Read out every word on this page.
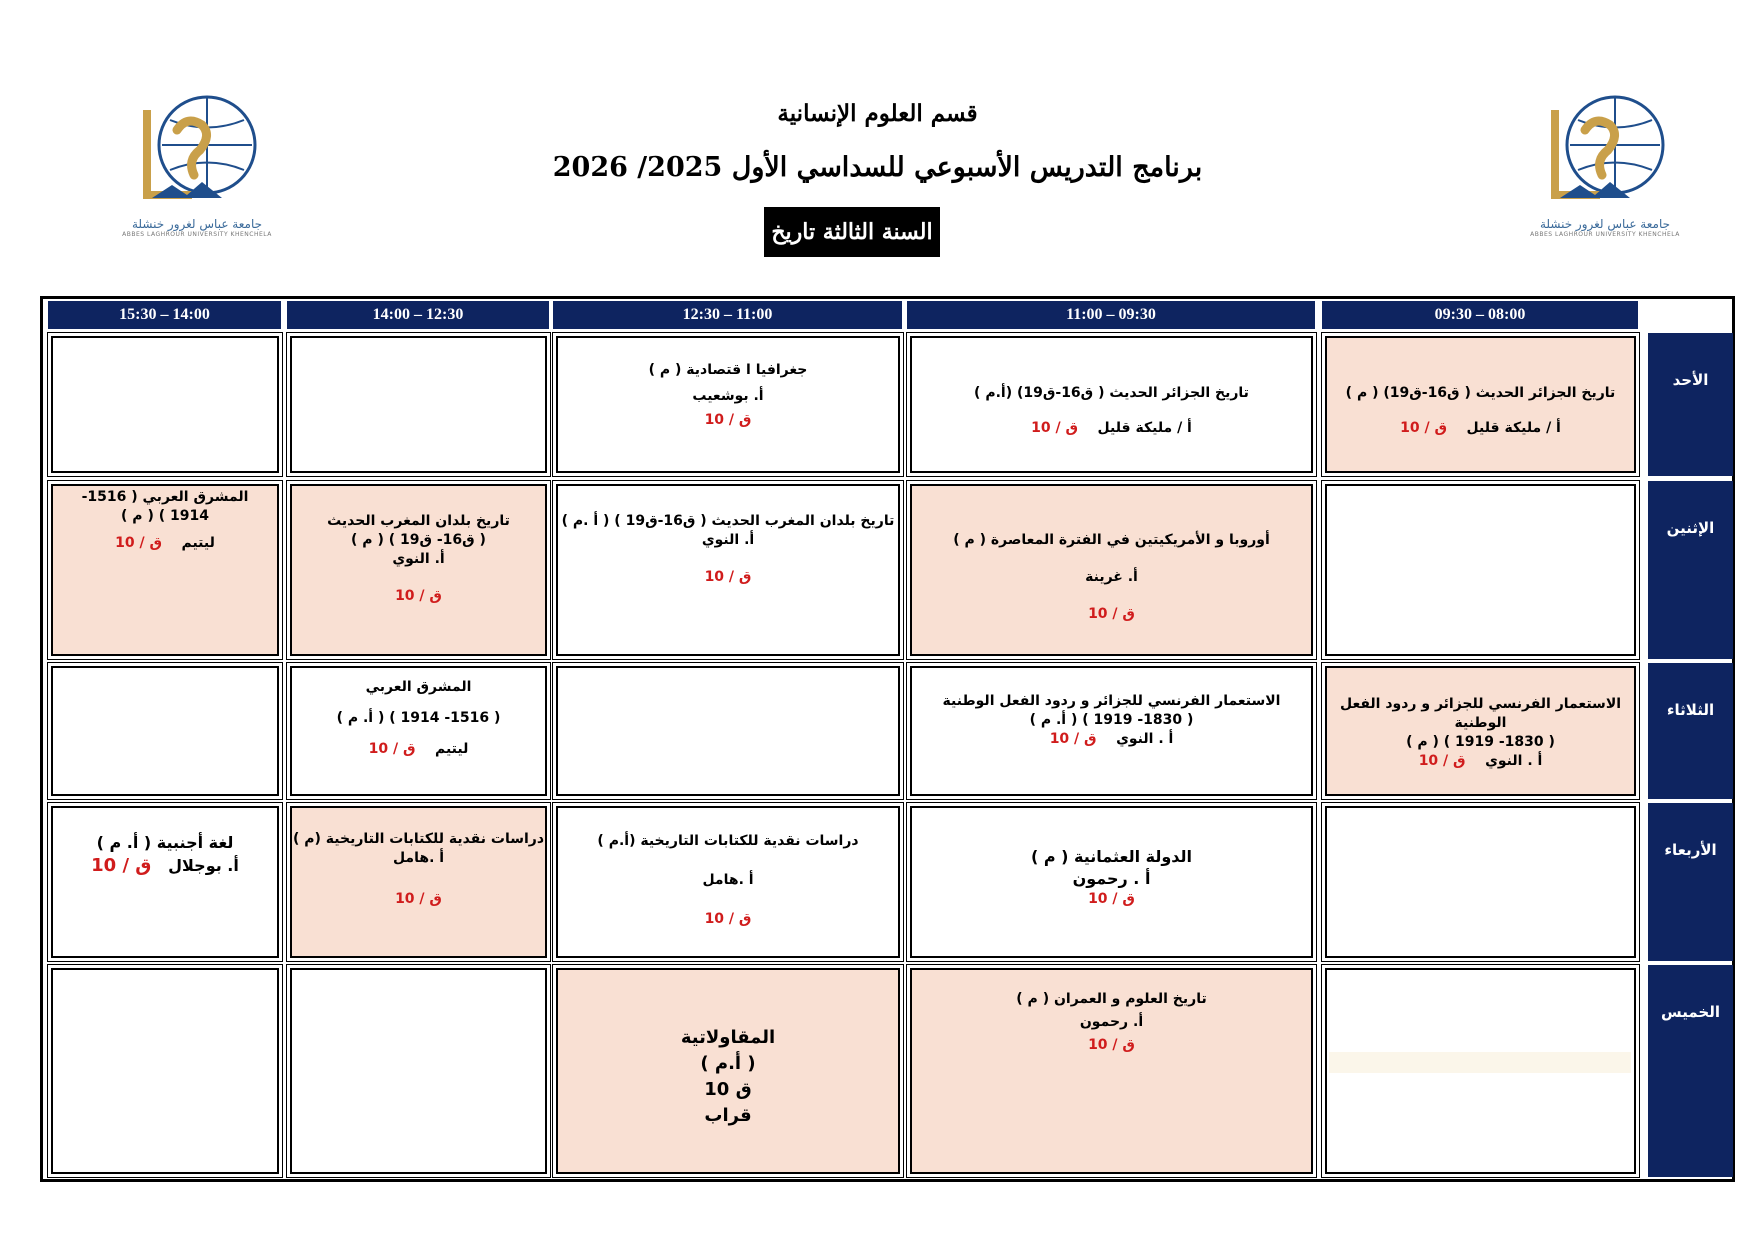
جامعة عباس لغرور خنشلة
ABBES LAGHROUR UNIVERSITY KHENCHELA
جامعة عباس لغرور خنشلة
ABBES LAGHROUR UNIVERSITY KHENCHELA
قسم العلوم الإنسانية
برنامج التدريس الأسبوعي للسداسي الأول 2025/ 2026
السنة الثالثة تاريخ
09:30 – 08:00
11:00 – 09:30
12:30 – 11:00
14:00 – 12:30
15:30 – 14:00
الأحد
الإثنين
الثلاثاء
الأربعاء
الخميس

تاريخ الجزائر الحديث ( ق16-ق19) ( م )

أ / مليكة قليل    ق / 10

تاريخ الجزائر الحديث ( ق16-ق19) (أ.م )

أ / مليكة قليل    ق / 10

جغرافيا ا قتصادية ( م )

أ. بوشعيب

ق / 10

أوروبا و الأمريكيتين في الفترة المعاصرة ( م )

أ. غرينة

ق / 10

تاريخ بلدان المغرب الحديث ( ق16-ق19 ) ( أ .م )

أ. النوي

ق / 10

تاريخ بلدان المغرب الحديث ( ق16- ق19 ) ( م )

أ. النوي

ق / 10

المشرق العربي ( 1516- 1914 ) ( م )

ليتيم    ق / 10

الاستعمار الفرنسي للجزائر و ردود الفعل الوطنية

( 1830- 1919 ) ( م )

أ . النوي    ق / 10

الاستعمار الفرنسي للجزائر و ردود الفعل الوطنية

( 1830- 1919 ) ( أ. م )

أ . النوي    ق / 10

المشرق العربي

( 1516- 1914 ) ( أ. م )

ليتيم    ق / 10

الدولة العثمانية ( م )

أ . رحمون

ق / 10

دراسات نقدية للكتابات التاريخية (أ.م )

أ .هامل

ق / 10

دراسات نقدية للكتابات التاريخية (م )

أ .هامل

ق / 10

لغة أجنبية ( أ. م )

أ. بوجلال   ق / 10

تاريخ العلوم و العمران ( م )

أ. رحمون

ق / 10

المقاولاتية

( أ.م )

ق 10

قراب
